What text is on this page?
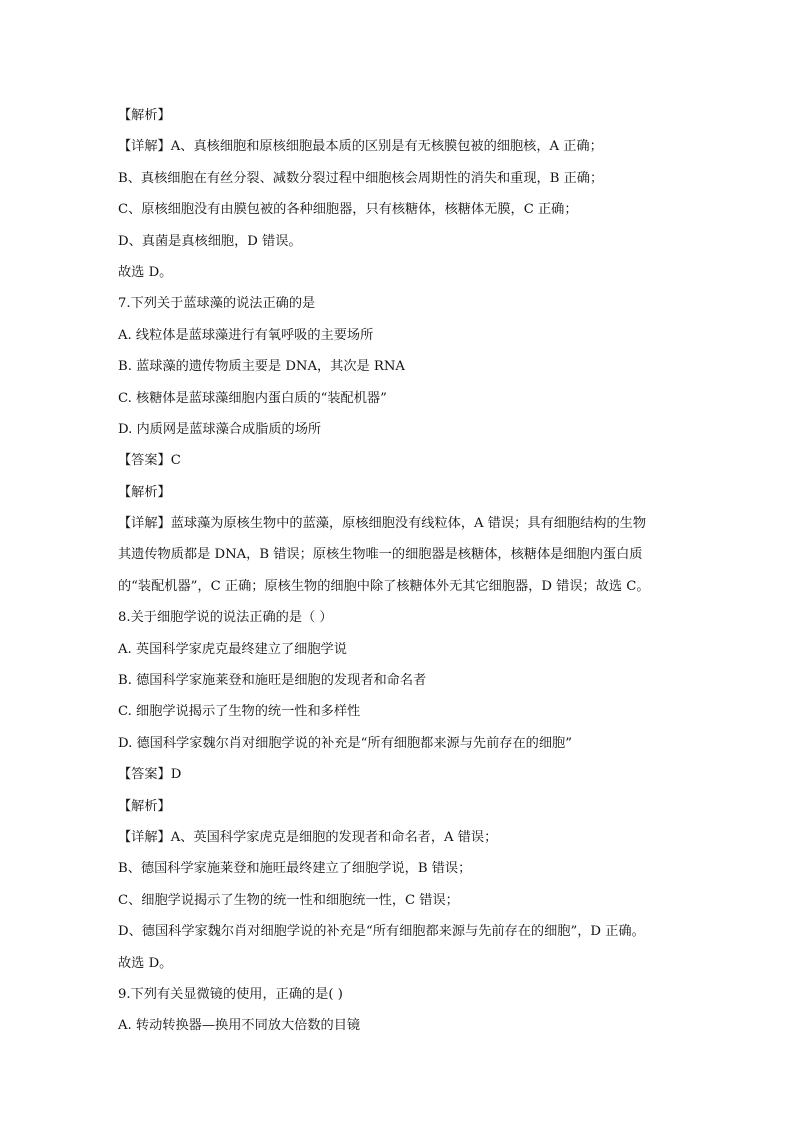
【解析】
【详解】A、真核细胞和原核细胞最本质的区别是有无核膜包被的细胞核，A 正确；
B、真核细胞在有丝分裂、减数分裂过程中细胞核会周期性的消失和重现，B 正确；
C、原核细胞没有由膜包被的各种细胞器，只有核糖体，核糖体无膜，C 正确；
D、真菌是真核细胞，D 错误。
故选 D。
7.下列关于蓝球藻的说法正确的是
A. 线粒体是蓝球藻进行有氧呼吸的主要场所
B. 蓝球藻的遗传物质主要是 DNA，其次是 RNA
C. 核糖体是蓝球藻细胞内蛋白质的“装配机器”
D. 内质网是蓝球藻合成脂质的场所
【答案】C
【解析】
【详解】蓝球藻为原核生物中的蓝藻，原核细胞没有线粒体，A 错误；具有细胞结构的生物
其遗传物质都是 DNA，B 错误；原核生物唯一的细胞器是核糖体，核糖体是细胞内蛋白质
的“装配机器”，C 正确；原核生物的细胞中除了核糖体外无其它细胞器，D 错误；故选 C。
8.关于细胞学说的说法正确的是（ ）
A. 英国科学家虎克最终建立了细胞学说
B. 德国科学家施莱登和施旺是细胞的发现者和命名者
C. 细胞学说揭示了生物的统一性和多样性
D. 德国科学家魏尔肖对细胞学说的补充是“所有细胞都来源与先前存在的细胞”
【答案】D
【解析】
【详解】A、英国科学家虎克是细胞的发现者和命名者，A 错误；
B、德国科学家施莱登和施旺最终建立了细胞学说，B 错误；
C、细胞学说揭示了生物的统一性和细胞统一性，C 错误；
D、德国科学家魏尔肖对细胞学说的补充是“所有细胞都来源与先前存在的细胞”，D 正确。
故选 D。
9.下列有关显微镜的使用，正确的是( )
A. 转动转换器—换用不同放大倍数的目镜
